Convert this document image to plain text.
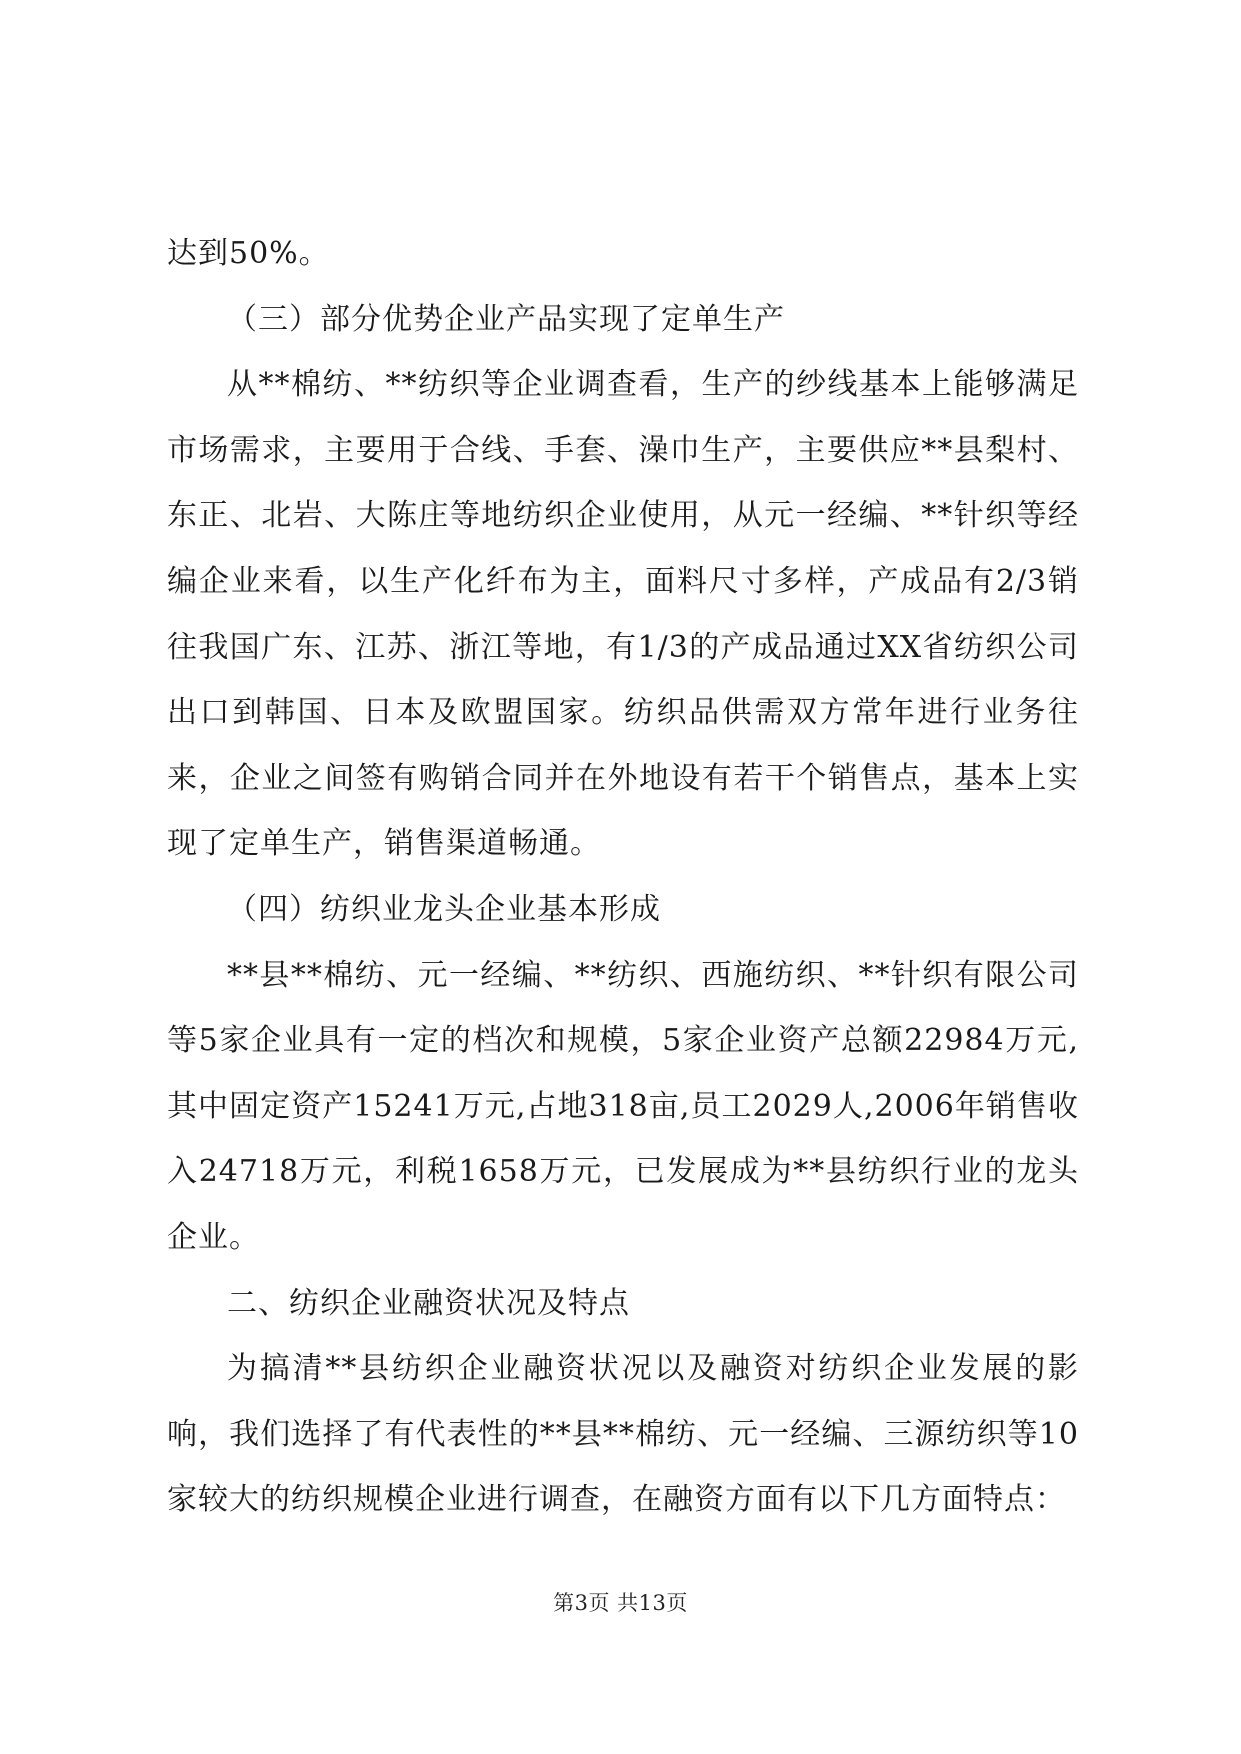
达到50%。

（三）部分优势企业产品实现了定单生产

从**棉纺、**纺织等企业调查看，生产的纱线基本上能够满足市场需求，主要用于合线、手套、澡巾生产，主要供应**县梨村、东正、北岩、大陈庄等地纺织企业使用，从元一经编、**针织等经编企业来看，以生产化纤布为主，面料尺寸多样，产成品有2/3销往我国广东、江苏、浙江等地，有1/3的产成品通过XX省纺织公司出口到韩国、日本及欧盟国家。纺织品供需双方常年进行业务往来，企业之间签有购销合同并在外地设有若干个销售点，基本上实现了定单生产，销售渠道畅通。

（四）纺织业龙头企业基本形成

**县**棉纺、元一经编、**纺织、西施纺织、**针织有限公司等5家企业具有一定的档次和规模，5家企业资产总额22984万元,其中固定资产15241万元,占地318亩,员工2029人,2006年销售收入24718万元，利税1658万元，已发展成为**县纺织行业的龙头企业。

二、纺织企业融资状况及特点

为搞清**县纺织企业融资状况以及融资对纺织企业发展的影响，我们选择了有代表性的**县**棉纺、元一经编、三源纺织等10家较大的纺织规模企业进行调查，在融资方面有以下几方面特点：

第3页 共13页
